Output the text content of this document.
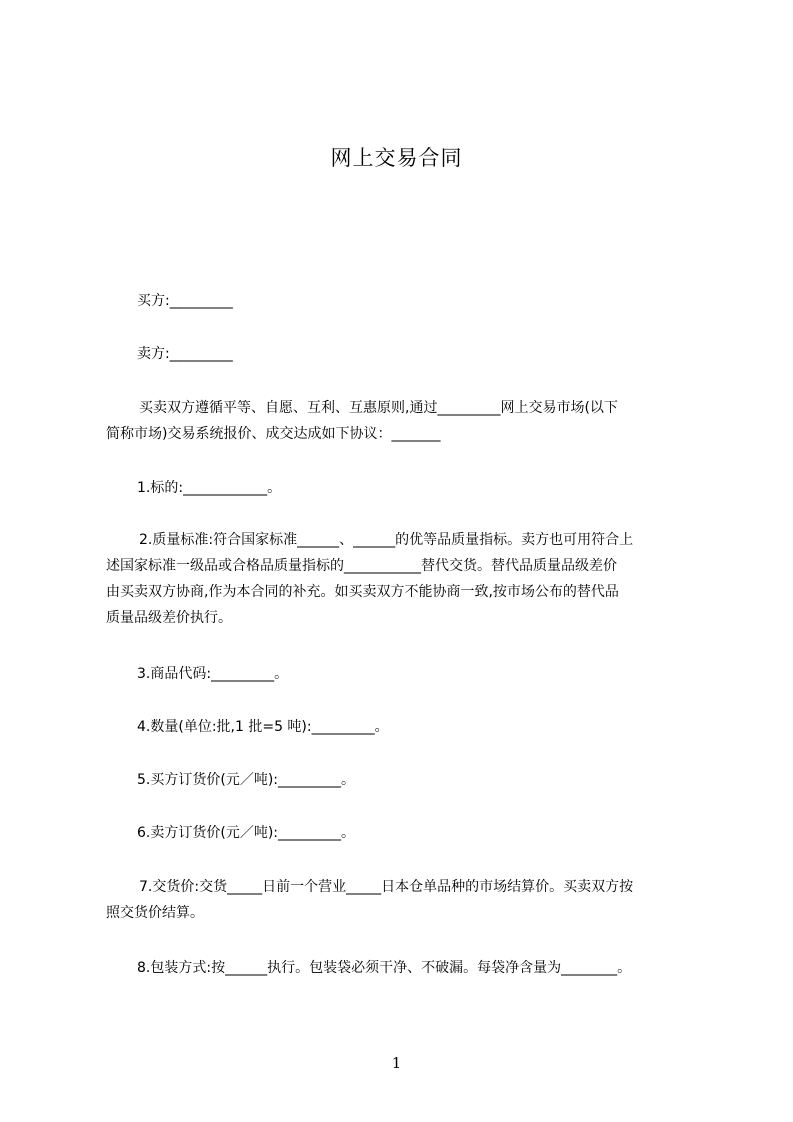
网上交易合同
买方:_________
卖方:_________
买卖双方遵循平等、自愿、互利、互惠原则,通过_________网上交易市场(以下
简称市场)交易系统报价、成交达成如下协议：_______
1.标的:____________。
2.质量标准:符合国家标准______、______的优等品质量指标。卖方也可用符合上
述国家标准一级品或合格品质量指标的___________替代交货。替代品质量品级差价
由买卖双方协商,作为本合同的补充。如买卖双方不能协商一致,按市场公布的替代品
质量品级差价执行。
3.商品代码:_________。
4.数量(单位:批,1 批=5 吨):_________。
5.买方订货价(元／吨):_________。
6.卖方订货价(元／吨):_________。
7.交货价:交货_____日前一个营业_____日本仓单品种的市场结算价。买卖双方按
照交货价结算。
8.包装方式:按______执行。包装袋必须干净、不破漏。每袋净含量为________。
1
